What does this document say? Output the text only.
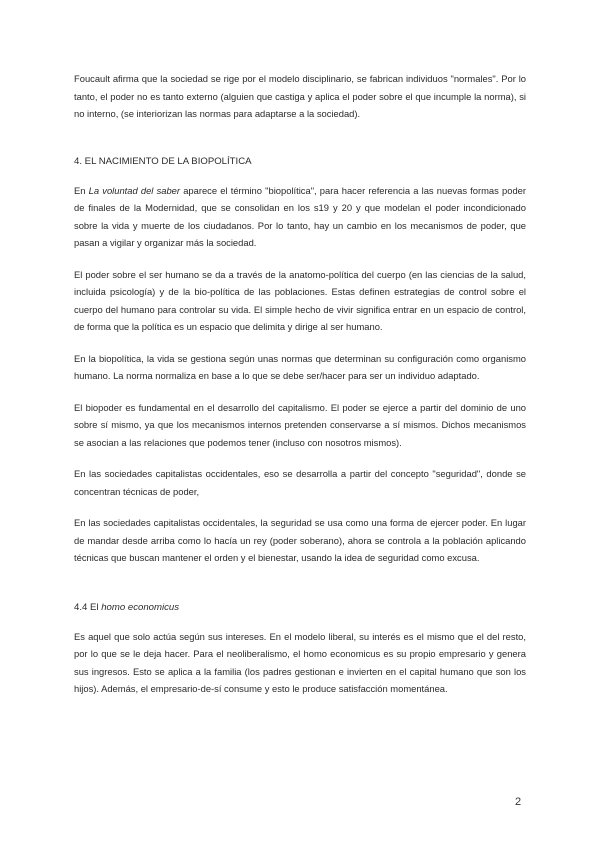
Foucault afirma que la sociedad se rige por el modelo disciplinario, se fabrican individuos "normales". Por lo tanto, el poder no es tanto externo (alguien que castiga y aplica el poder sobre el que incumple la norma), si no interno, (se interiorizan las normas para adaptarse a la sociedad).

4. EL NACIMIENTO DE LA BIOPOLÍTICA

En La voluntad del saber aparece el término "biopolítica", para hacer referencia a las nuevas formas poder de finales de la Modernidad, que se consolidan en los s19 y 20 y que modelan el poder incondicionado sobre la vida y muerte de los ciudadanos. Por lo tanto, hay un cambio en los mecanismos de poder, que pasan a vigilar y organizar más la sociedad.

El poder sobre el ser humano se da a través de la anatomo-política del cuerpo (en las ciencias de la salud, incluida psicología) y de la bio-política de las poblaciones. Estas definen estrategias de control sobre el cuerpo del humano para controlar su vida. El simple hecho de vivir significa entrar en un espacio de control, de forma que la política es un espacio que delimita y dirige al ser humano.

En la biopolítica, la vida se gestiona según unas normas que determinan su configuración como organismo humano. La norma normaliza en base a lo que se debe ser/hacer para ser un individuo adaptado.

El biopoder es fundamental en el desarrollo del capitalismo. El poder se ejerce a partir del dominio de uno sobre sí mismo, ya que los mecanismos internos pretenden conservarse a sí mismos. Dichos mecanismos se asocian a las relaciones que podemos tener (incluso con nosotros mismos).

En las sociedades capitalistas occidentales, eso se desarrolla a partir del concepto "seguridad", donde se concentran técnicas de poder,

En las sociedades capitalistas occidentales, la seguridad se usa como una forma de ejercer poder. En lugar de mandar desde arriba como lo hacía un rey (poder soberano), ahora se controla a la población aplicando técnicas que buscan mantener el orden y el bienestar, usando la idea de seguridad como excusa.

4.4 El homo economicus

Es aquel que solo actúa según sus intereses. En el modelo liberal, su interés es el mismo que el del resto, por lo que se le deja hacer. Para el neoliberalismo, el homo economicus es su propio empresario y genera sus ingresos. Esto se aplica a la familia (los padres gestionan e invierten en el capital humano que son los hijos). Además, el empresario-de-sí consume y esto le produce satisfacción momentánea.

2
